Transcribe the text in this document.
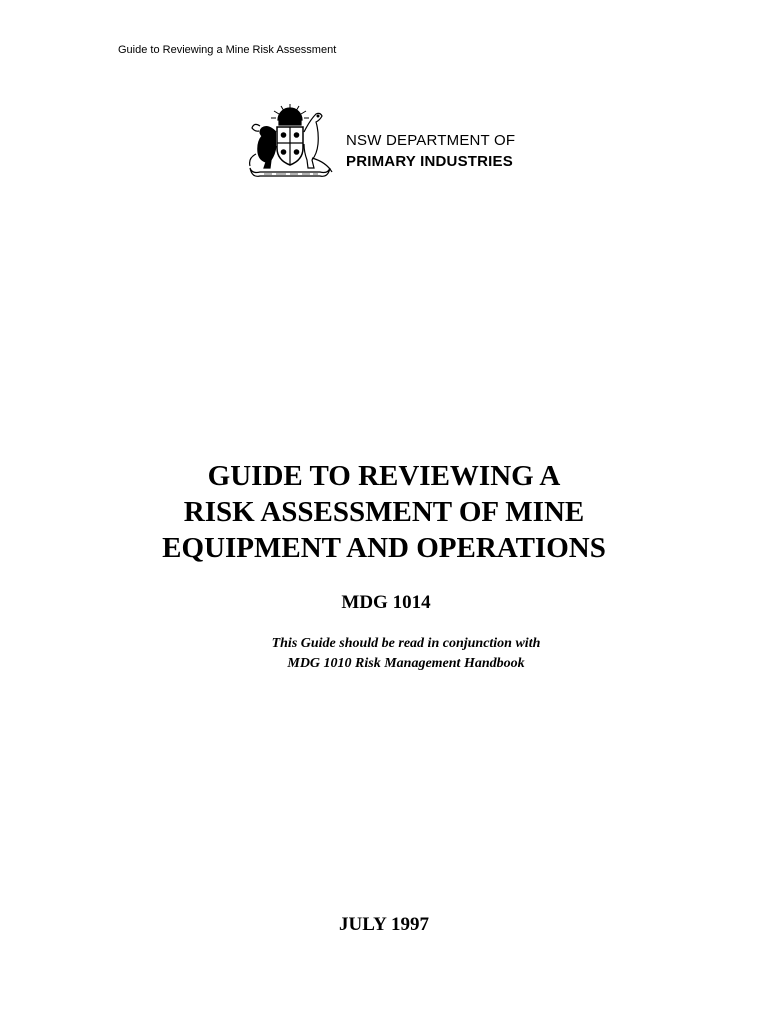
Guide to Reviewing a Mine Risk Assessment
NSW DEPARTMENT OF
PRIMARY INDUSTRIES
GUIDE TO REVIEWING A
RISK ASSESSMENT OF MINE
EQUIPMENT AND OPERATIONS
MDG 1014
This Guide should be read in conjunction with
MDG 1010 Risk Management Handbook
JULY 1997
